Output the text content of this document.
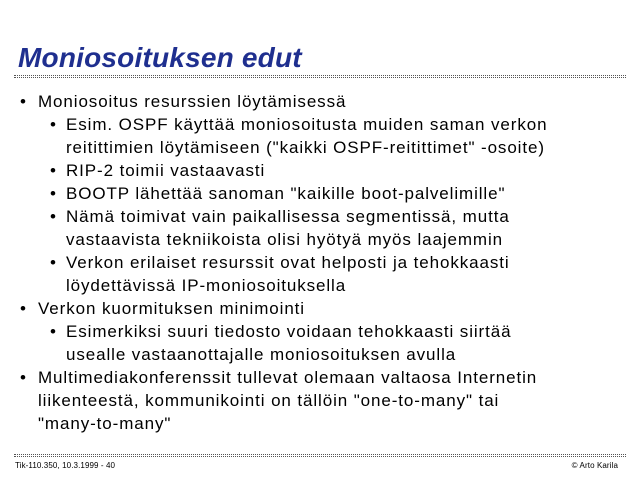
Moniosoituksen edut
• Moniosoitus resurssien löytämisessä
• Esim. OSPF käyttää moniosoitusta muiden saman verkon
reitittimien löytämiseen ("kaikki OSPF-reitittimet" -osoite)
• RIP-2 toimii vastaavasti
• BOOTP lähettää sanoman "kaikille boot-palvelimille"
• Nämä toimivat vain paikallisessa segmentissä, mutta
vastaavista tekniikoista olisi hyötyä myös laajemmin
• Verkon erilaiset resurssit ovat helposti ja tehokkaasti
löydettävissä IP-moniosoituksella
• Verkon kuormituksen minimointi
• Esimerkiksi suuri tiedosto voidaan tehokkaasti siirtää
usealle vastaanottajalle moniosoituksen avulla
• Multimediakonferenssit tullevat olemaan valtaosa Internetin
liikenteestä, kommunikointi on tällöin "one-to-many" tai
"many-to-many"
Tik-110.350, 10.3.1999 - 40	© Arto Karila
